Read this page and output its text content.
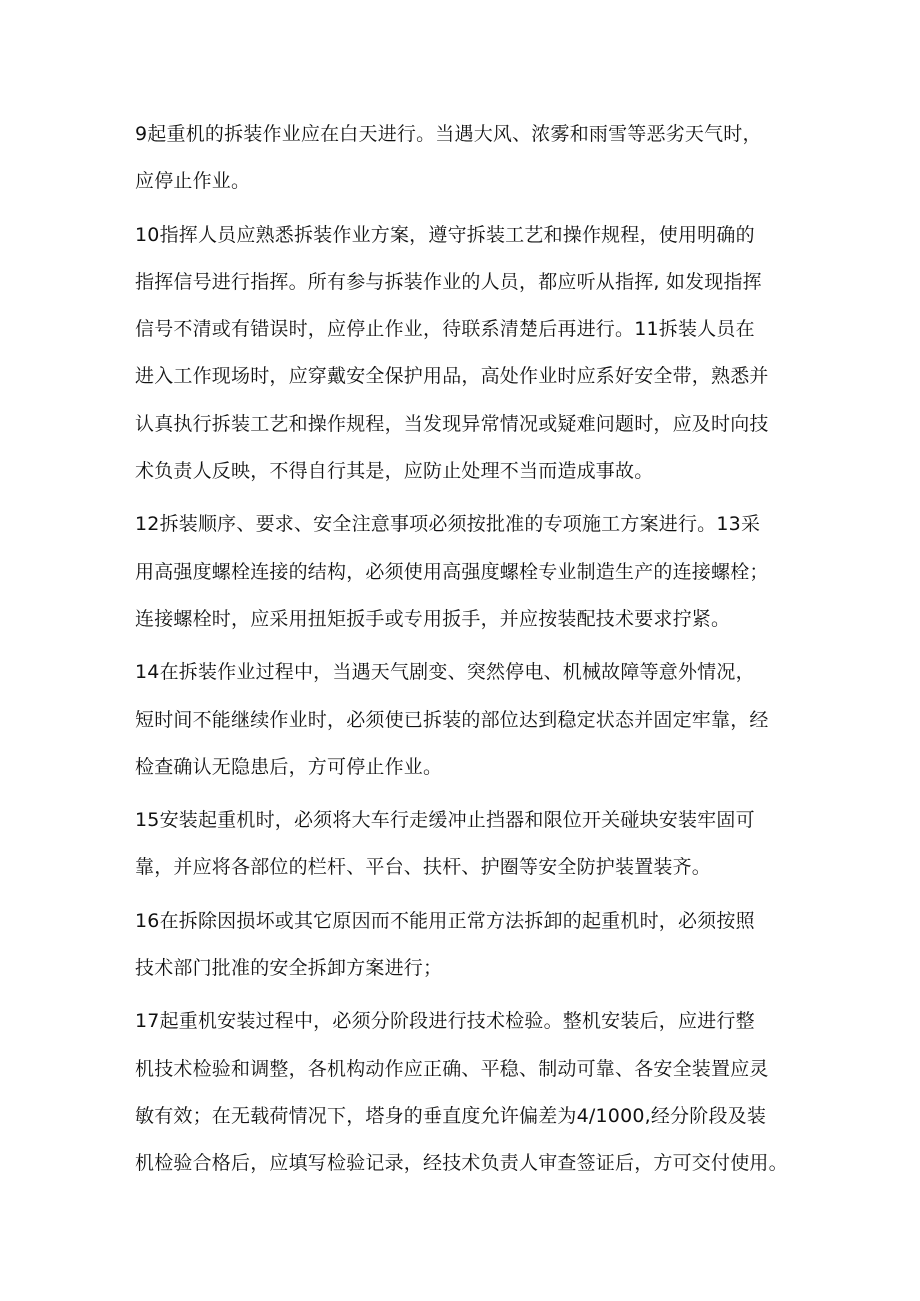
9起重机的拆装作业应在白天进行。当遇大风、浓雾和雨雪等恶劣天气时，
应停止作业。

10指挥人员应熟悉拆装作业方案，遵守拆装工艺和操作规程，使用明确的
指挥信号进行指挥。所有参与拆装作业的人员，都应听从指挥, 如发现指挥
信号不清或有错误时，应停止作业，待联系清楚后再进行。11拆装人员在
进入工作现场时，应穿戴安全保护用品，高处作业时应系好安全带，熟悉并
认真执行拆装工艺和操作规程，当发现异常情况或疑难问题时，应及时向技
术负责人反映，不得自行其是，应防止处理不当而造成事故。

12拆装顺序、要求、安全注意事项必须按批准的专项施工方案进行。13采
用高强度螺栓连接的结构，必须使用高强度螺栓专业制造生产的连接螺栓；
连接螺栓时，应采用扭矩扳手或专用扳手，并应按装配技术要求拧紧。

14在拆装作业过程中，当遇天气剧变、突然停电、机械故障等意外情况，
短时间不能继续作业时，必须使已拆装的部位达到稳定状态并固定牢靠，经
检查确认无隐患后，方可停止作业。

15安装起重机时，必须将大车行走缓冲止挡器和限位开关碰块安装牢固可
靠，并应将各部位的栏杆、平台、扶杆、护圈等安全防护装置装齐。

16在拆除因损坏或其它原因而不能用正常方法拆卸的起重机时，必须按照
技术部门批准的安全拆卸方案进行；

17起重机安装过程中，必须分阶段进行技术检验。整机安装后，应进行整
机技术检验和调整，各机构动作应正确、平稳、制动可靠、各安全装置应灵
敏有效；在无载荷情况下，塔身的垂直度允许偏差为4/1000,经分阶段及装
机检验合格后，应填写检验记录，经技术负责人审查签证后，方可交付使用。
